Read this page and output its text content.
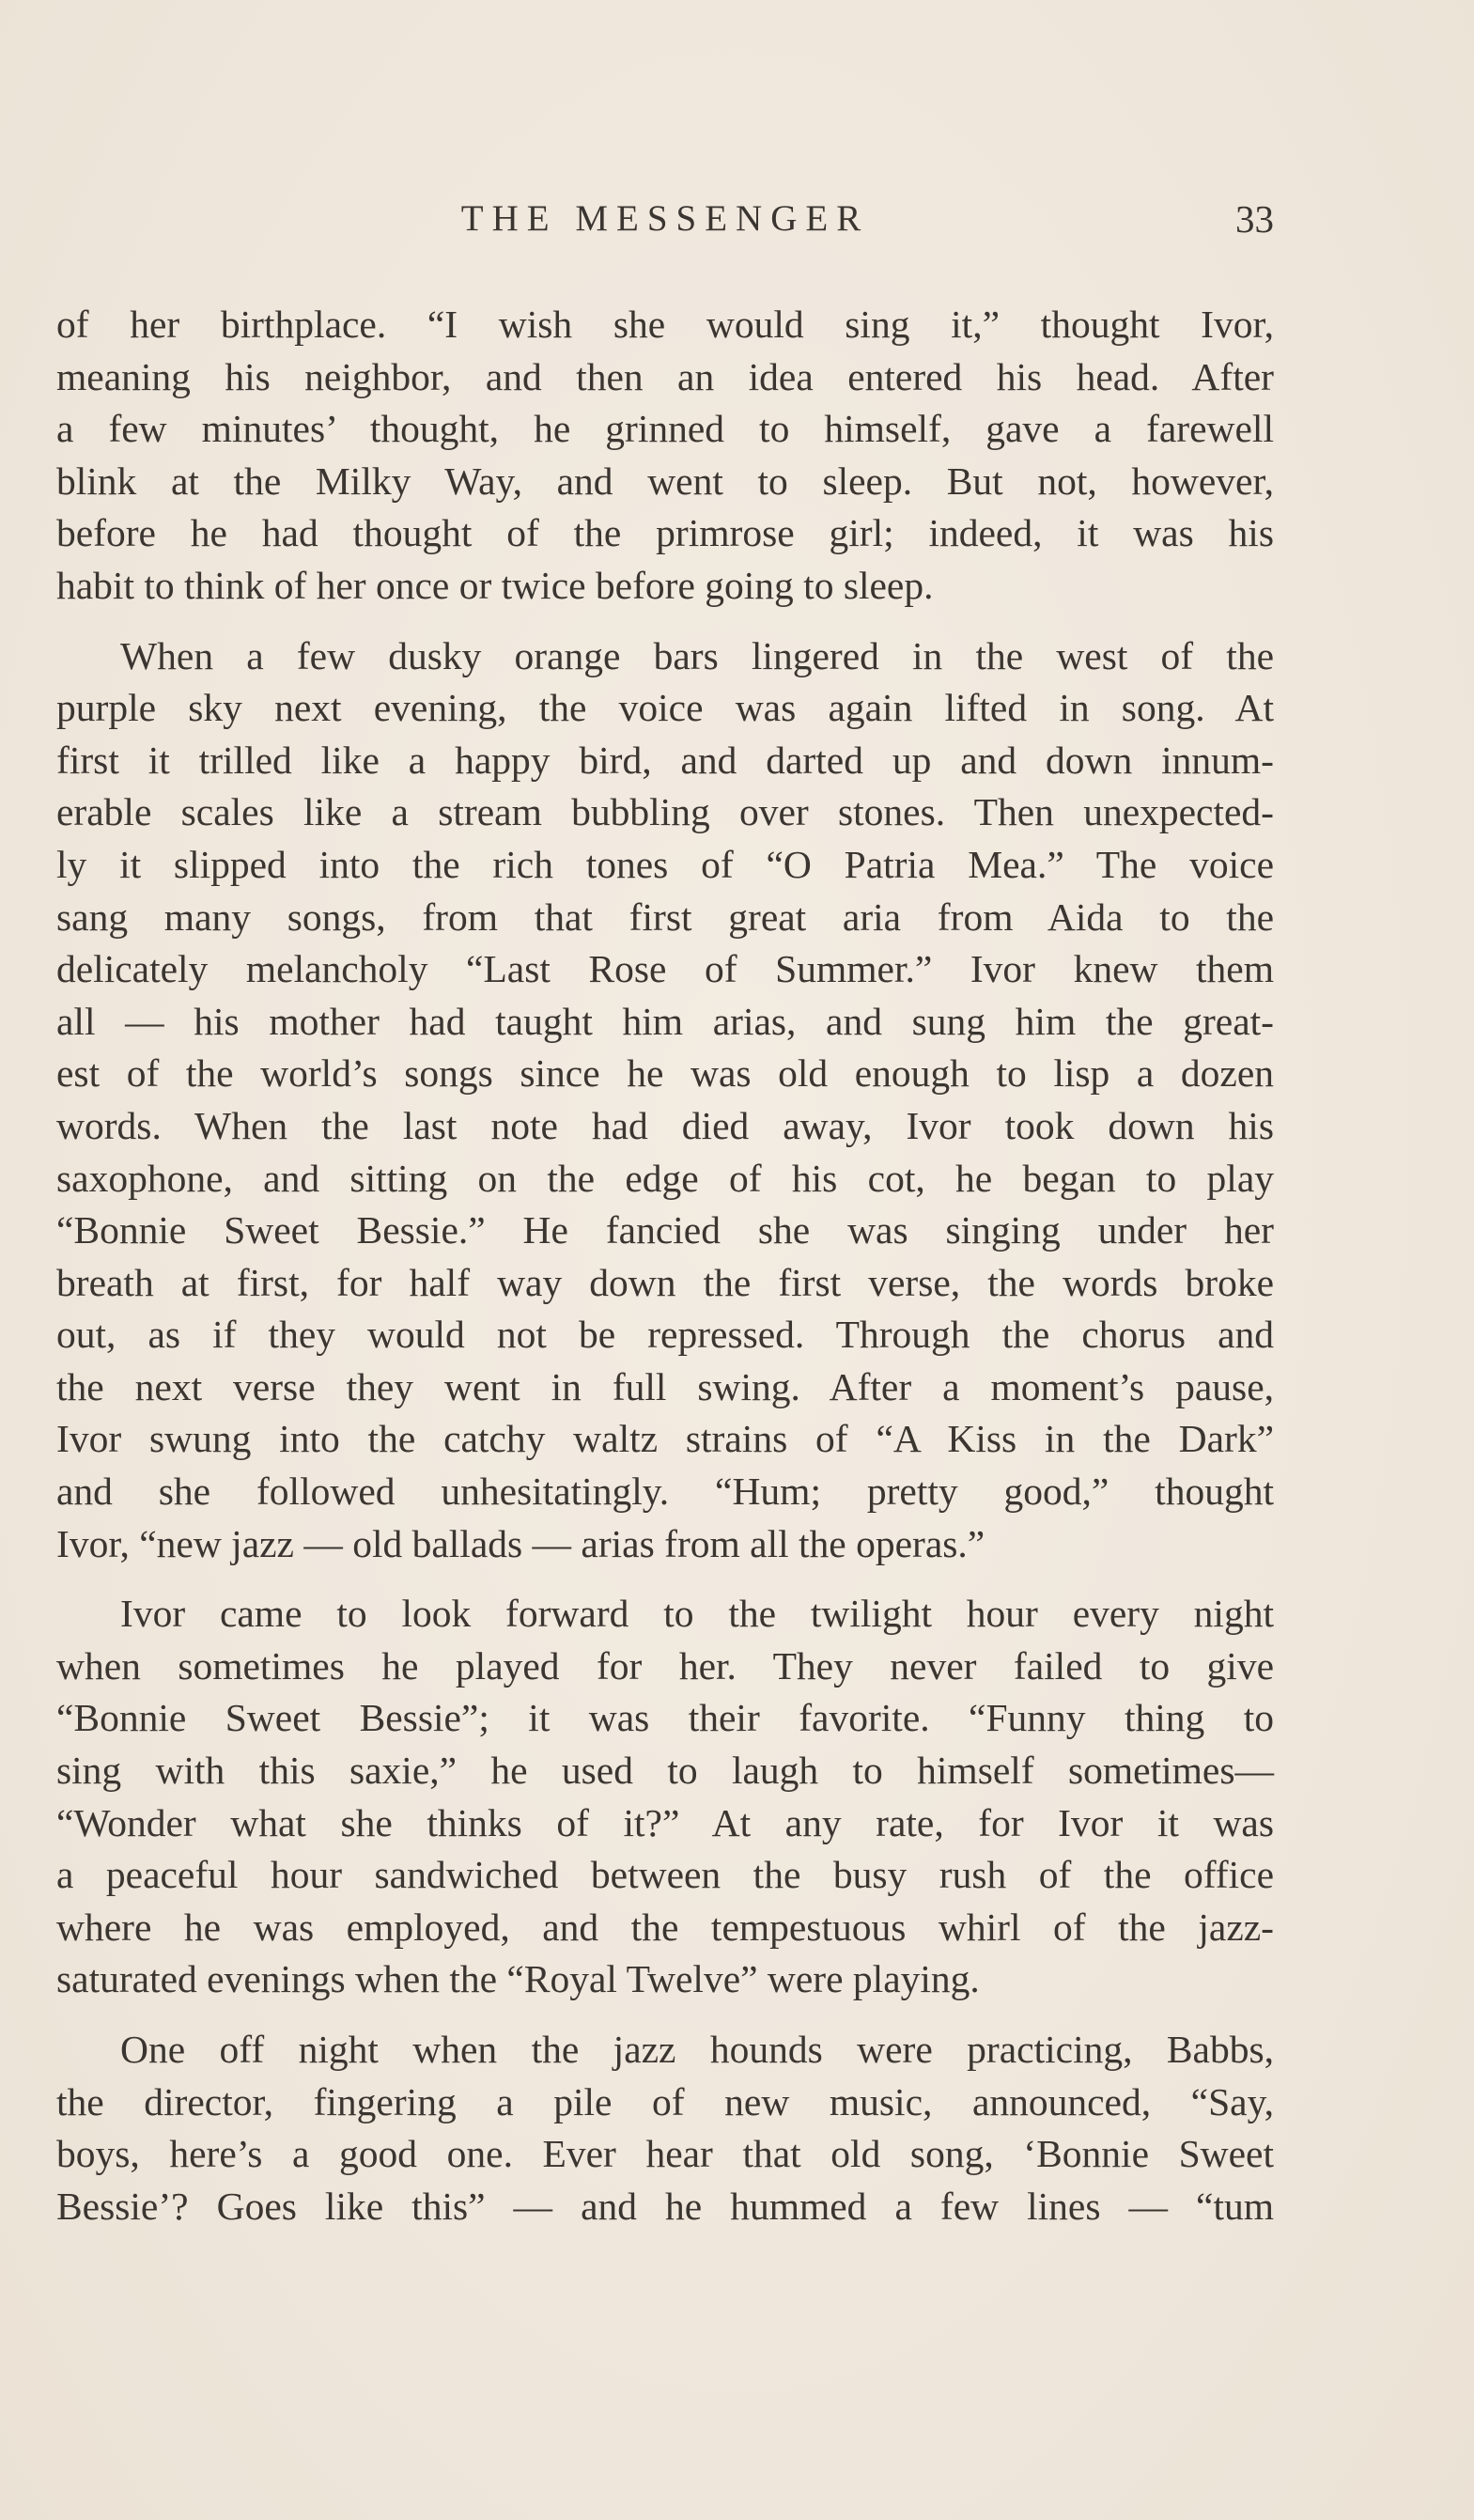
THE MESSENGER	33
of her birthplace. “I wish she would sing it,” thought Ivor,
meaning his neighbor, and then an idea entered his head. After
a few minutes’ thought, he grinned to himself, gave a farewell
blink at the Milky Way, and went to sleep. But not, however,
before he had thought of the primrose girl; indeed, it was his
habit to think of her once or twice before going to sleep.
When a few dusky orange bars lingered in the west of the
purple sky next evening, the voice was again lifted in song. At
first it trilled like a happy bird, and darted up and down innum-
erable scales like a stream bubbling over stones. Then unexpected-
ly it slipped into the rich tones of “O Patria Mea.” The voice
sang many songs, from that first great aria from Aida to the
delicately melancholy “Last Rose of Summer.” Ivor knew them
all — his mother had taught him arias, and sung him the great-
est of the world’s songs since he was old enough to lisp a dozen
words. When the last note had died away, Ivor took down his
saxophone, and sitting on the edge of his cot, he began to play
“Bonnie Sweet Bessie.” He fancied she was singing under her
breath at first, for half way down the first verse, the words broke
out, as if they would not be repressed. Through the chorus and
the next verse they went in full swing. After a moment’s pause,
Ivor swung into the catchy waltz strains of “A Kiss in the Dark”
and she followed unhesitatingly. “Hum; pretty good,” thought
Ivor, “new jazz — old ballads — arias from all the operas.”
Ivor came to look forward to the twilight hour every night
when sometimes he played for her. They never failed to give
“Bonnie Sweet Bessie”; it was their favorite. “Funny thing to
sing with this saxie,” he used to laugh to himself sometimes—
“Wonder what she thinks of it?” At any rate, for Ivor it was
a peaceful hour sandwiched between the busy rush of the office
where he was employed, and the tempestuous whirl of the jazz-
saturated evenings when the “Royal Twelve” were playing.
One off night when the jazz hounds were practicing, Babbs,
the director, fingering a pile of new music, announced, “Say,
boys, here’s a good one. Ever hear that old song, ‘Bonnie Sweet
Bessie’? Goes like this” — and he hummed a few lines — “tum
